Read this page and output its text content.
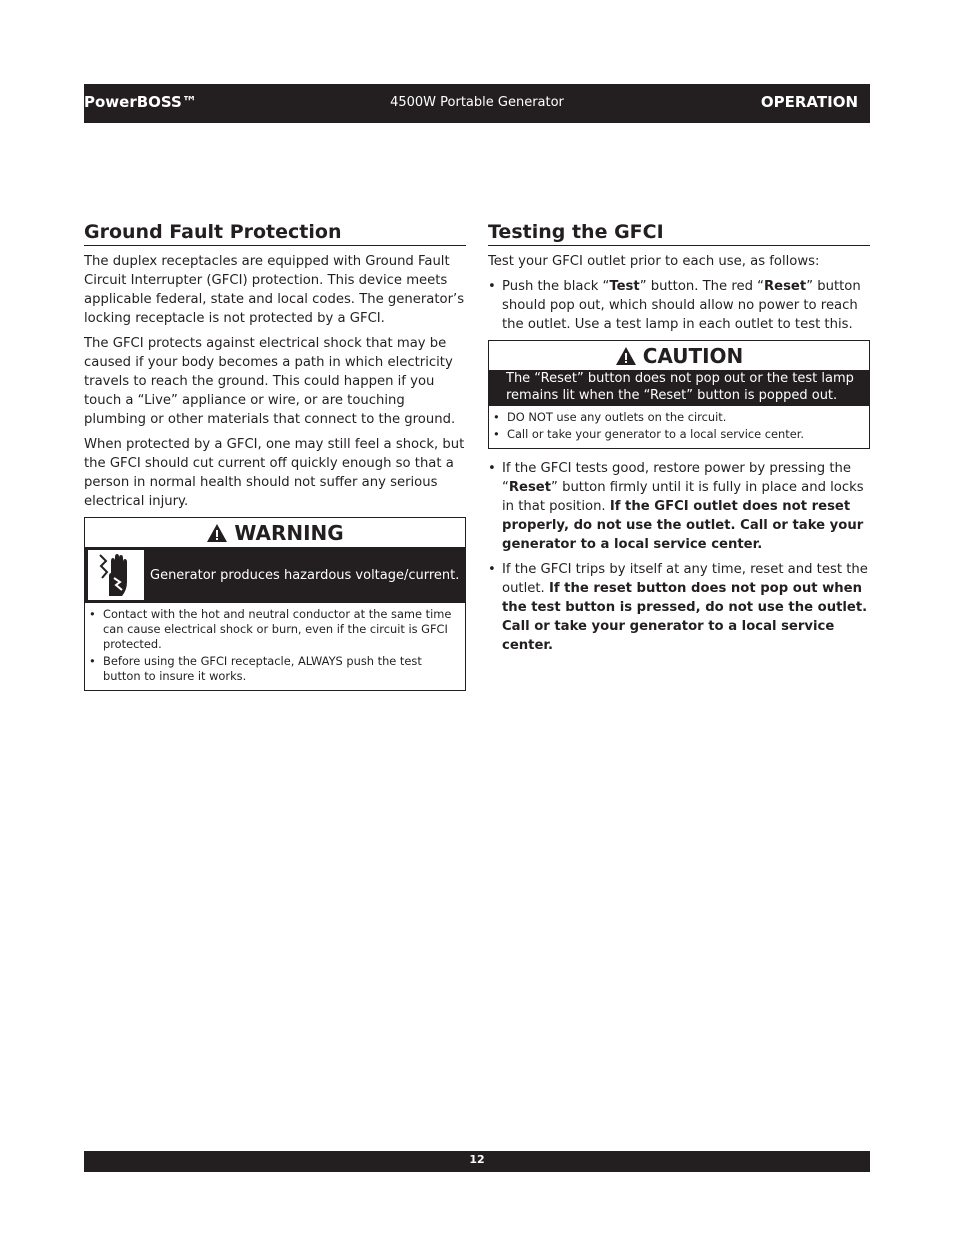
PowerBOSS™	4500W Portable Generator	OPERATION
Ground Fault Protection

The duplex receptacles are equipped with Ground Fault Circuit Interrupter (GFCI) protection. This device meets applicable federal, state and local codes. The generator’s locking receptacle is not protected by a GFCI.

The GFCI protects against electrical shock that may be caused if your body becomes a path in which electricity travels to reach the ground. This could happen if you touch a “Live” appliance or wire, or are touching plumbing or other materials that connect to the ground.

When protected by a GFCI, one may still feel a shock, but the GFCI should cut current off quickly enough so that a person in normal health should not suffer any serious electrical injury.

WARNING
Generator produces hazardous voltage/current.
• Contact with the hot and neutral conductor at the same time can cause electrical shock or burn, even if the circuit is GFCI protected.
• Before using the GFCI receptacle, ALWAYS push the test button to insure it works.
Testing the GFCI

Test your GFCI outlet prior to each use, as follows:

• Push the black “Test” button. The red “Reset” button should pop out, which should allow no power to reach the outlet. Use a test lamp in each outlet to test this.
CAUTION
The “Reset” button does not pop out or the test lamp remains lit when the “Reset” button is popped out.
• DO NOT use any outlets on the circuit.
• Call or take your generator to a local service center.
• If the GFCI tests good, restore power by pressing the “Reset” button firmly until it is fully in place and locks in that position. If the GFCI outlet does not reset properly, do not use the outlet. Call or take your generator to a local service center.
• If the GFCI trips by itself at any time, reset and test the outlet. If the reset button does not pop out when the test button is pressed, do not use the outlet. Call or take your generator to a local service center.
12
